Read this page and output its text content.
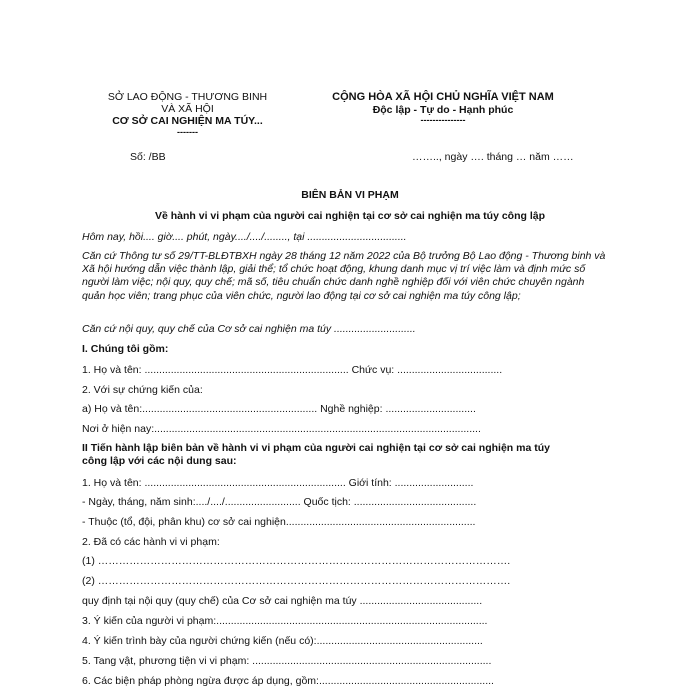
SỞ LAO ĐỘNG - THƯƠNG BINH
VÀ XÃ HỘI
CƠ SỞ CAI NGHIỆN MA TÚY...
-------
Số: /BB
CỘNG HÒA XÃ HỘI CHỦ NGHĨA VIỆT NAM
Độc lập - Tự do - Hạnh phúc
---------------
…….., ngày …. tháng … năm ……
BIÊN BẢN VI PHẠM
Về hành vi vi phạm của người cai nghiện tại cơ sở cai nghiện ma túy công lập
Hôm nay, hồi.... giờ.... phút, ngày..../..../........, tại ..................................
Căn cứ Thông tư số 29/TT-BLĐTBXH ngày 28 tháng 12 năm 2022 của Bộ trưởng Bộ Lao động - Thương binh và Xã hội hướng dẫn việc thành lập, giải thể; tổ chức hoạt động, khung danh mục vị trí việc làm và định mức số người làm việc; nội quy, quy chế; mã số, tiêu chuẩn chức danh nghề nghiệp đối với viên chức chuyên ngành quản học viên; trang phục của viên chức, người lao động tại cơ sở cai nghiện ma túy công lập;
Căn cứ nội quy, quy chế của Cơ sở cai nghiện ma túy ............................
I. Chúng tôi gồm:
1. Họ và tên: ...................................................................... Chức vụ: ....................................
2. Với sự chứng kiến của:
a) Họ và tên:............................................................ Nghề nghiệp: ...............................
Nơi ở hiện nay:................................................................................................................
II Tiến hành lập biên bản về hành vi vi phạm của người cai nghiện tại cơ sở cai nghiện ma túy
công lập với các nội dung sau:
1. Họ và tên: ..................................................................... Giới tính: ...........................
- Ngày, tháng, năm sinh:..../..../.......................... Quốc tịch: ..........................................
- Thuộc (tổ, đội, phân khu) cơ sở cai nghiện.................................................................
2. Đã có các hành vi vi phạm:
(1) ……………………………………………………………………………………………………….
(2) ……………………………………………………………………………………………………….
quy định tại nội quy (quy chế) của Cơ sở cai nghiện ma túy ..........................................
3. Ý kiến của người vi phạm:.............................................................................................
4. Ý kiến trình bày của người chứng kiến (nếu có):.........................................................
5. Tang vật, phương tiện vi vi phạm: ..................................................................................
6. Các biện pháp phòng ngừa được áp dụng, gồm:............................................................
